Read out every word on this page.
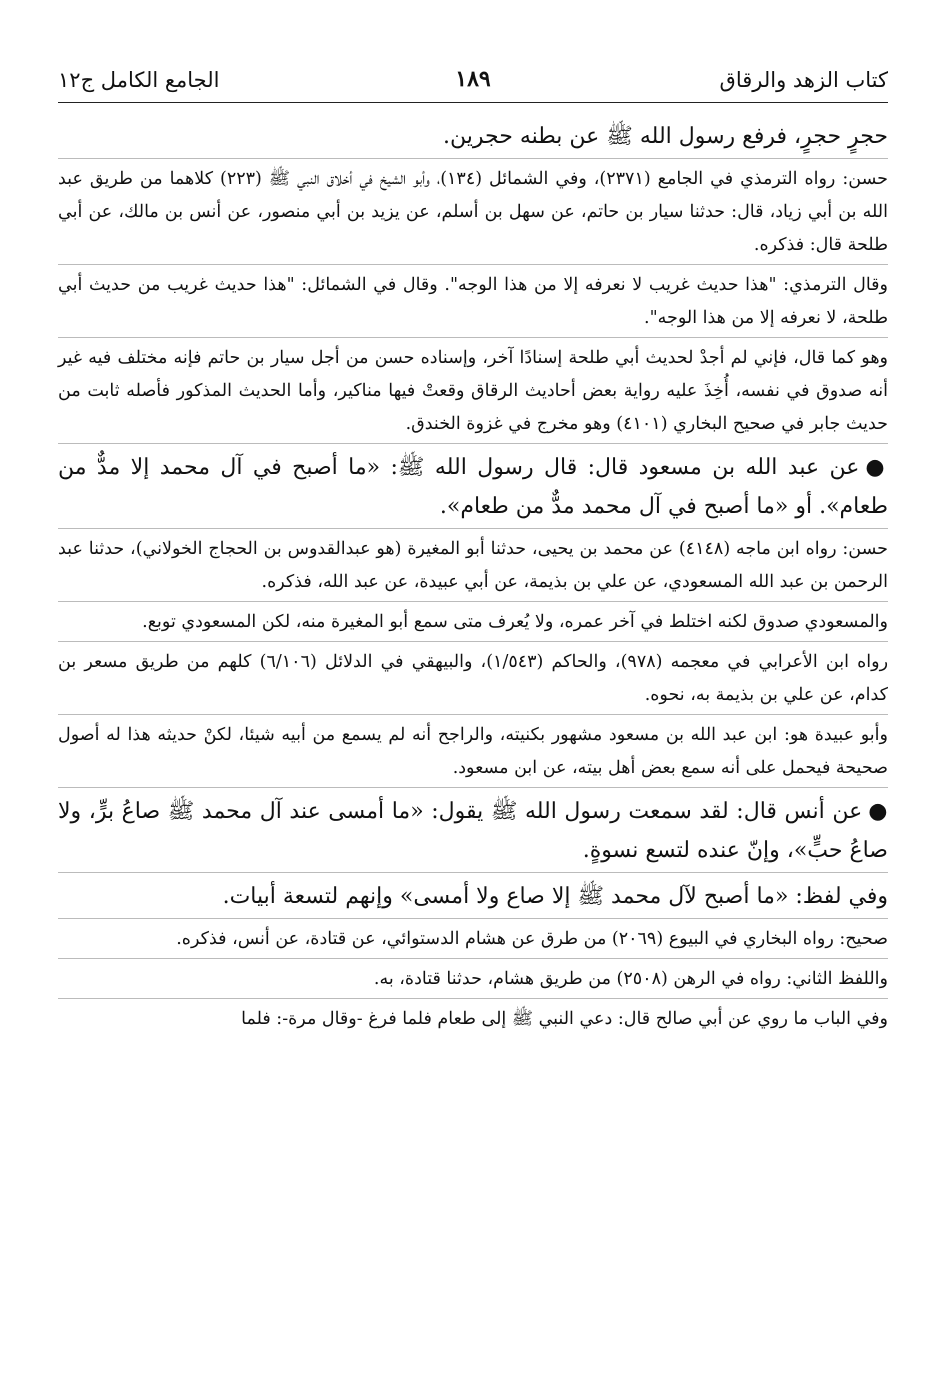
كتاب الزهد والرقاق
١٨٩
الجامع الكامل ج١٢

حجرٍ حجرٍ، فرفع رسول الله ﷺ عن بطنه حجرين.

حسن: رواه الترمذي في الجامع (٢٣٧١)، وفي الشمائل (١٣٤)، وأبو الشيخ في أخلاق النبي ﷺ (٢٢٣) كلاهما من طريق عبد الله بن أبي زياد، قال: حدثنا سيار بن حاتم، عن سهل بن أسلم، عن يزيد بن أبي منصور، عن أنس بن مالك، عن أبي طلحة قال: فذكره.

وقال الترمذي: "هذا حديث غريب لا نعرفه إلا من هذا الوجه". وقال في الشمائل: "هذا حديث غريب من حديث أبي طلحة، لا نعرفه إلا من هذا الوجه".

وهو كما قال، فإني لم أجدْ لحديث أبي طلحة إسنادًا آخر، وإسناده حسن من أجل سيار بن حاتم فإنه مختلف فيه غير أنه صدوق في نفسه، أُخِذَ عليه رواية بعض أحاديث الرقاق وقعتْ فيها مناكير، وأما الحديث المذكور فأصله ثابت من حديث جابر في صحيح البخاري (٤١٠١) وهو مخرج في غزوة الخندق.

●عن عبد الله بن مسعود قال: قال رسول الله ﷺ: «ما أصبح في آل محمد إلا مدٌّ من طعام». أو «ما أصبح في آل محمد مدٌّ من طعام».

حسن: رواه ابن ماجه (٤١٤٨) عن محمد بن يحيى، حدثنا أبو المغيرة (هو عبدالقدوس بن الحجاج الخولاني)، حدثنا عبد الرحمن بن عبد الله المسعودي، عن علي بن بذيمة، عن أبي عبيدة، عن عبد الله، فذكره.

والمسعودي صدوق لكنه اختلط في آخر عمره، ولا يُعرف متى سمع أبو المغيرة منه، لكن المسعودي توبع.

رواه ابن الأعرابي في معجمه (٩٧٨)، والحاكم (١/٥٤٣)، والبيهقي في الدلائل (٦/١٠٦) كلهم من طريق مسعر بن كدام، عن علي بن بذيمة به، نحوه.

وأبو عبيدة هو: ابن عبد الله بن مسعود مشهور بكنيته، والراجح أنه لم يسمع من أبيه شيئا، لكنْ حديثه هذا له أصول صحيحة فيحمل على أنه سمع بعض أهل بيته، عن ابن مسعود.

●عن أنس قال: لقد سمعت رسول الله ﷺ يقول: «ما أمسى عند آل محمد ﷺ صاعُ برٍّ، ولا صاعُ حبٍّ»، وإنّ عنده لتسع نسوةٍ.

وفي لفظ: «ما أصبح لآل محمد ﷺ إلا صاع ولا أمسى» وإنهم لتسعة أبيات.

صحيح: رواه البخاري في البيوع (٢٠٦٩) من طرق عن هشام الدستوائي، عن قتادة، عن أنس، فذكره.

واللفظ الثاني: رواه في الرهن (٢٥٠٨) من طريق هشام، حدثنا قتادة، به.

وفي الباب ما روي عن أبي صالح قال: دعي النبي ﷺ إلى طعام فلما فرغ -وقال مرة-: فلما
